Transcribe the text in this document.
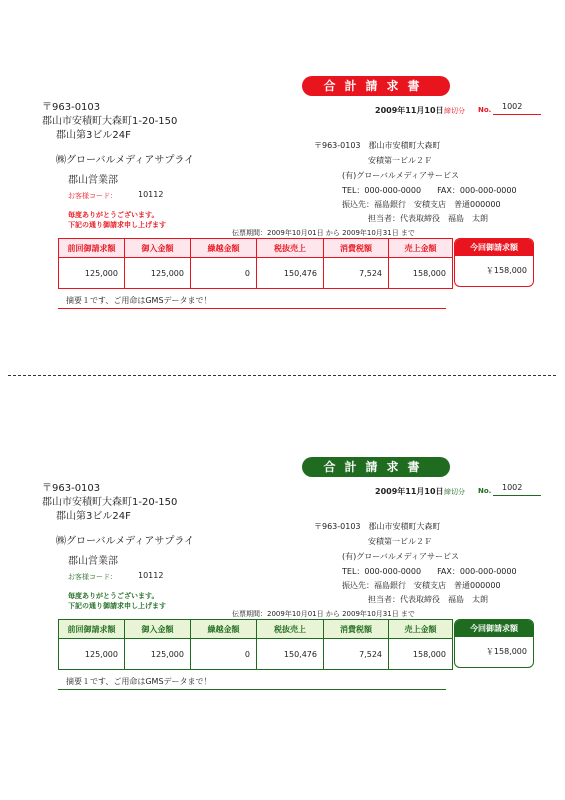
合計請求書
〒963-0103
郡山市安積町大森町1-20-150
郡山第3ビル24F
㈱グローバルメディアサプライ
郡山営業部
お客様コード：	10112
毎度ありがとうございます。
下記の通り御請求申し上げます
2009年11月10日 締切分 No. 1002
〒963-0103　郡山市安積町大森町
安積第一ビル２Ｆ
(有)グローバルメディアサービス
TEL：000-000-0000　　FAX：000-000-0000
振込先：福島銀行　安積支店　普通000000
担当者：代表取締役　福島　太朗
伝票期間：2009年10月01日 から 2009年10月31日 まで
前回御請求額	御入金額	繰越金額	税抜売上	消費税額	売上金額
125,000	125,000	0	150,476	7,524	158,000
今回御請求額
￥158,000
摘要１です、ご用命はGMSデータまで！
合計請求書
〒963-0103
郡山市安積町大森町1-20-150
郡山第3ビル24F
㈱グローバルメディアサプライ
郡山営業部
お客様コード：	10112
毎度ありがとうございます。
下記の通り御請求申し上げます
2009年11月10日 締切分 No. 1002
〒963-0103　郡山市安積町大森町
安積第一ビル２Ｆ
(有)グローバルメディアサービス
TEL：000-000-0000　　FAX：000-000-0000
振込先：福島銀行　安積支店　普通000000
担当者：代表取締役　福島　太朗
伝票期間：2009年10月01日 から 2009年10月31日 まで
前回御請求額	御入金額	繰越金額	税抜売上	消費税額	売上金額
125,000	125,000	0	150,476	7,524	158,000
今回御請求額
￥158,000
摘要１です、ご用命はGMSデータまで！
